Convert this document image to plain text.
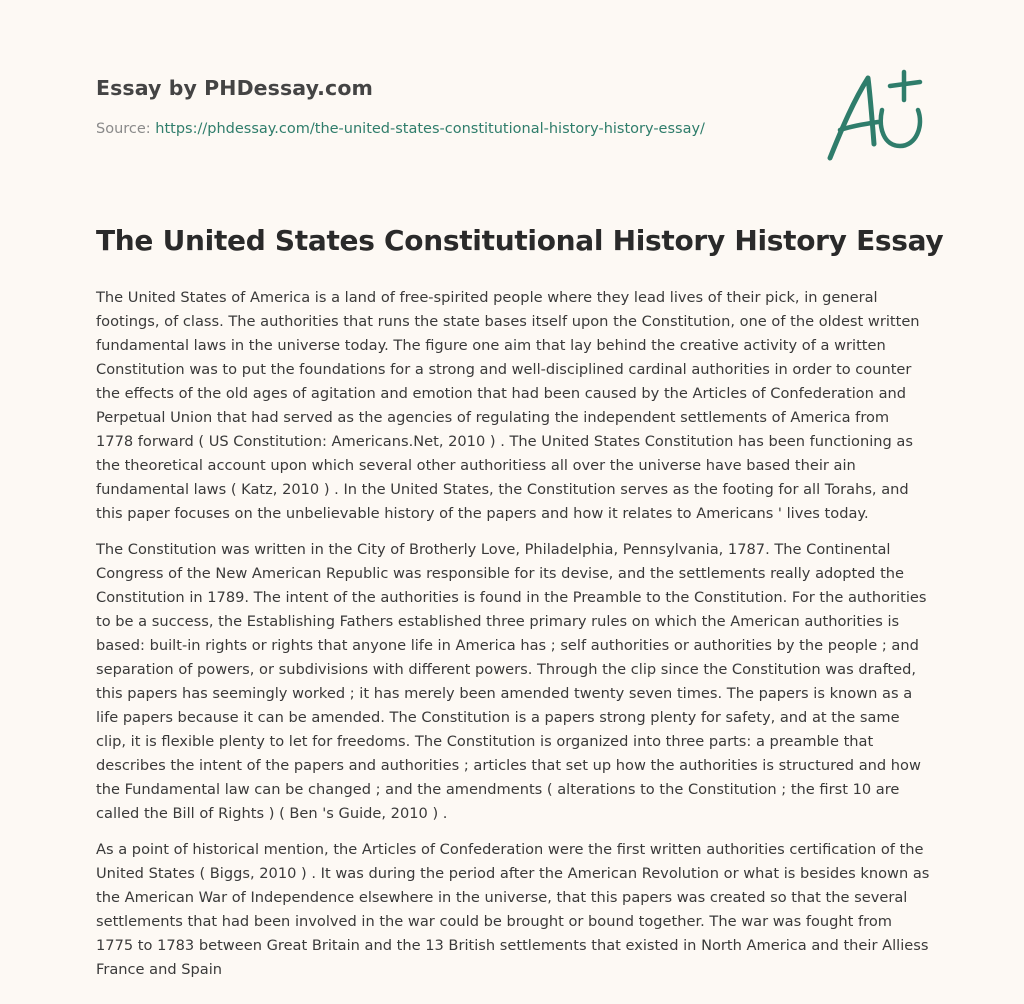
Essay by PHDessay.com
Source: https://phdessay.com/the-united-states-constitutional-history-history-essay/
The United States Constitutional History History Essay

The United States of America is a land of free-spirited people where they lead lives of their pick, in general footings, of class. The authorities that runs the state bases itself upon the Constitution, one of the oldest written fundamental laws in the universe today. The figure one aim that lay behind the creative activity of a written Constitution was to put the foundations for a strong and well-disciplined cardinal authorities in order to counter the effects of the old ages of agitation and emotion that had been caused by the Articles of Confederation and Perpetual Union that had served as the agencies of regulating the independent settlements of America from 1778 forward ( US Constitution: Americans.Net, 2010 ) . The United States Constitution has been functioning as the theoretical account upon which several other authoritiess all over the universe have based their ain fundamental laws ( Katz, 2010 ) . In the United States, the Constitution serves as the footing for all Torahs, and this paper focuses on the unbelievable history of the papers and how it relates to Americans ' lives today.

The Constitution was written in the City of Brotherly Love, Philadelphia, Pennsylvania, 1787. The Continental Congress of the New American Republic was responsible for its devise, and the settlements really adopted the Constitution in 1789. The intent of the authorities is found in the Preamble to the Constitution. For the authorities to be a success, the Establishing Fathers established three primary rules on which the American authorities is based: built-in rights or rights that anyone life in America has ; self authorities or authorities by the people ; and separation of powers, or subdivisions with different powers. Through the clip since the Constitution was drafted, this papers has seemingly worked ; it has merely been amended twenty seven times. The papers is known as a life papers because it can be amended. The Constitution is a papers strong plenty for safety, and at the same clip, it is flexible plenty to let for freedoms. The Constitution is organized into three parts: a preamble that describes the intent of the papers and authorities ; articles that set up how the authorities is structured and how the Fundamental law can be changed ; and the amendments ( alterations to the Constitution ; the first 10 are called the Bill of Rights ) ( Ben 's Guide, 2010 ) .

As a point of historical mention, the Articles of Confederation were the first written authorities certification of the United States ( Biggs, 2010 ) . It was during the period after the American Revolution or what is besides known as the American War of Independence elsewhere in the universe, that this papers was created so that the several settlements that had been involved in the war could be brought or bound together. The war was fought from 1775 to 1783 between Great Britain and the 13 British settlements that existed in North America and their Alliess France and Spain
